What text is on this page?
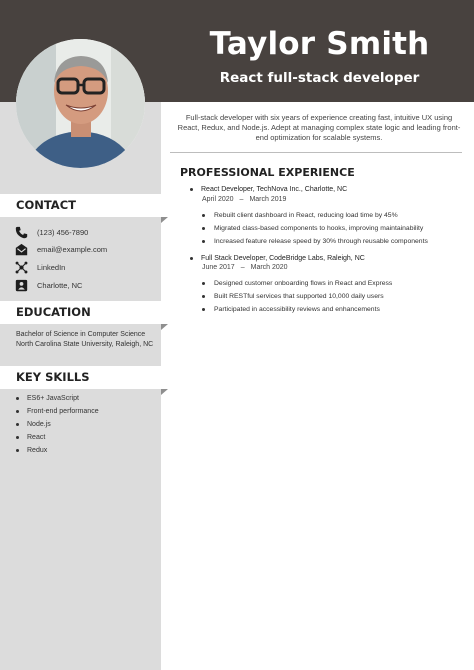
Taylor Smith
React full-stack developer
CONTACT
(123) 456-7890
email@example.com
LinkedIn
Charlotte, NC
EDUCATION
Bachelor of Science in Computer Science North Carolina State University, Raleigh, NC
KEY SKILLS
ES6+ JavaScript
Front-end performance
Node.js
React
Redux
Full-stack developer with six years of experience creating fast, intuitive UX using React, Redux, and Node.js. Adept at managing complex state logic and leading front-end optimization for scalable systems.
PROFESSIONAL EXPERIENCE
React Developer, TechNova Inc., Charlotte, NC
April 2020 – March 2019
Rebuilt client dashboard in React, reducing load time by 45%
Migrated class-based components to hooks, improving maintainability
Increased feature release speed by 30% through reusable components
Full Stack Developer, CodeBridge Labs, Raleigh, NC
June 2017 – March 2020
Designed customer onboarding flows in React and Express
Built RESTful services that supported 10,000 daily users
Participated in accessibility reviews and enhancements
